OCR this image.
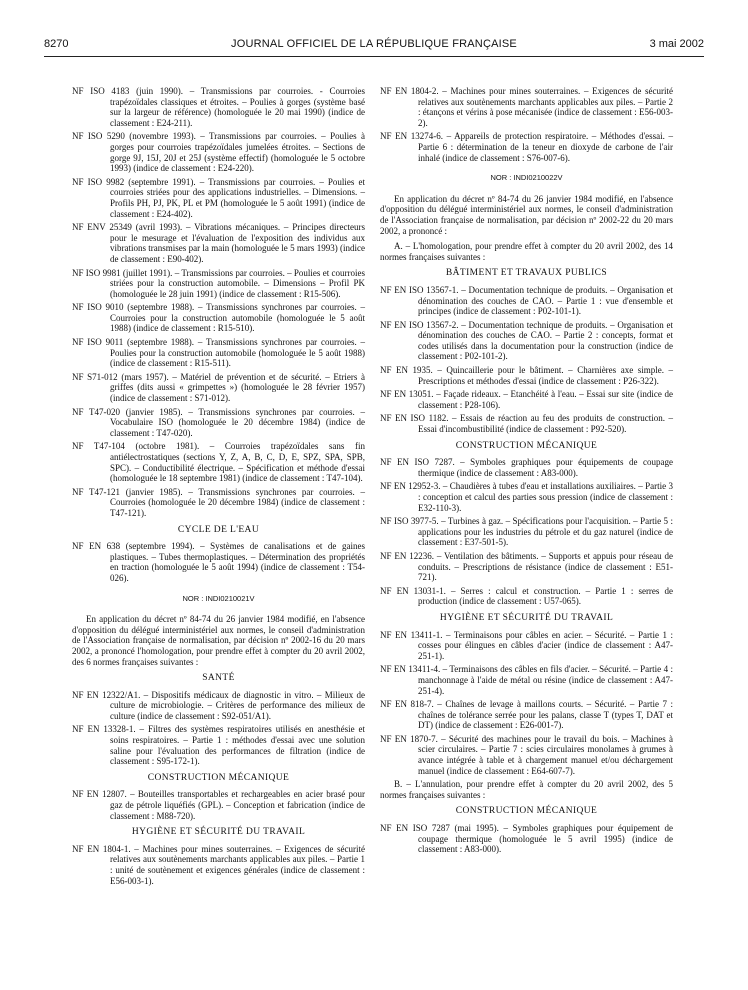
8270	JOURNAL OFFICIEL DE LA RÉPUBLIQUE FRANÇAISE	3 mai 2002
NF ISO 4183 (juin 1990). – Transmissions par courroies. - Courroies trapézoïdales classiques et étroites. – Poulies à gorges (système basé sur la largeur de référence) (homologuée le 20 mai 1990) (indice de classement : E24-211).
NF ISO 5290 (novembre 1993). – Transmissions par courroies. – Poulies à gorges pour courroies trapézoïdales jumelées étroites. – Sections de gorge 9J, 15J, 20J et 25J (système effectif) (homologuée le 5 octobre 1993) (indice de classement : E24-220).
NF ISO 9982 (septembre 1991). – Transmissions par courroies. – Poulies et courroies striées pour des applications industrielles. – Dimensions. – Profils PH, PJ, PK, PL et PM (homologuée le 5 août 1991) (indice de classement : E24-402).
NF ENV 25349 (avril 1993). – Vibrations mécaniques. – Principes directeurs pour le mesurage et l'évaluation de l'exposition des individus aux vibrations transmises par la main (homologuée le 5 mars 1993) (indice de classement : E90-402).
NF ISO 9981 (juillet 1991). – Transmissions par courroies. – Poulies et courroies striées pour la construction automobile. – Dimensions – Profil PK (homologuée le 28 juin 1991) (indice de classement : R15-506).
NF ISO 9010 (septembre 1988). – Transmissions synchrones par courroies. – Courroies pour la construction automobile (homologuée le 5 août 1988) (indice de classement : R15-510).
NF ISO 9011 (septembre 1988). – Transmissions synchrones par courroies. – Poulies pour la construction automobile (homologuée le 5 août 1988) (indice de classement : R15-511).
NF S71-012 (mars 1957). – Matériel de prévention et de sécurité. – Etriers à griffes (dits aussi « grimpettes ») (homologuée le 28 février 1957) (indice de classement : S71-012).
NF T47-020 (janvier 1985). – Transmissions synchrones par courroies. – Vocabulaire ISO (homologuée le 20 décembre 1984) (indice de classement : T47-020).
NF T47-104 (octobre 1981). – Courroies trapézoïdales sans fin antiélectrostatiques (sections Y, Z, A, B, C, D, E, SPZ, SPA, SPB, SPC). – Conductibilité électrique. – Spécification et méthode d'essai (homologuée le 18 septembre 1981) (indice de classement : T47-104).
NF T47-121 (janvier 1985). – Transmissions synchrones par courroies. – Courroies (homologuée le 20 décembre 1984) (indice de classement : T47-121).
CYCLE DE L'EAU
NF EN 638 (septembre 1994). – Systèmes de canalisations et de gaines plastiques. – Tubes thermoplastiques. – Détermination des propriétés en traction (homologuée le 5 août 1994) (indice de classement : T54-026).
NOR : INDI0210021V
En application du décret nº 84-74 du 26 janvier 1984 modifié, en l'absence d'opposition du délégué interministériel aux normes, le conseil d'administration de l'Association française de normalisation, par décision nº 2002-16 du 20 mars 2002, a prononcé l'homologation, pour prendre effet à compter du 20 avril 2002, des 6 normes françaises suivantes :
SANTÉ
NF EN 12322/A1. – Dispositifs médicaux de diagnostic in vitro. – Milieux de culture de microbiologie. – Critères de performance des milieux de culture (indice de classement : S92-051/A1).
NF EN 13328-1. – Filtres des systèmes respiratoires utilisés en anesthésie et soins respiratoires. – Partie 1 : méthodes d'essai avec une solution saline pour l'évaluation des performances de filtration (indice de classement : S95-172-1).
CONSTRUCTION MÉCANIQUE
NF EN 12807. – Bouteilles transportables et rechargeables en acier brasé pour gaz de pétrole liquéfiés (GPL). – Conception et fabrication (indice de classement : M88-720).
HYGIÈNE ET SÉCURITÉ DU TRAVAIL
NF EN 1804-1. – Machines pour mines souterraines. – Exigences de sécurité relatives aux soutènements marchants applicables aux piles. – Partie 1 : unité de soutènement et exigences générales (indice de classement : E56-003-1).
NF EN 1804-2. – Machines pour mines souterraines. – Exigences de sécurité relatives aux soutènements marchants applicables aux piles. – Partie 2 : étançons et vérins à pose mécanisée (indice de classement : E56-003-2).
NF EN 13274-6. – Appareils de protection respiratoire. – Méthodes d'essai. – Partie 6 : détermination de la teneur en dioxyde de carbone de l'air inhalé (indice de classement : S76-007-6).
NOR : INDI0210022V
En application du décret nº 84-74 du 26 janvier 1984 modifié, en l'absence d'opposition du délégué interministériel aux normes, le conseil d'administration de l'Association française de normalisation, par décision nº 2002-22 du 20 mars 2002, a prononcé :
A. – L'homologation, pour prendre effet à compter du 20 avril 2002, des 14 normes françaises suivantes :
BÂTIMENT ET TRAVAUX PUBLICS
NF EN ISO 13567-1. – Documentation technique de produits. – Organisation et dénomination des couches de CAO. – Partie 1 : vue d'ensemble et principes (indice de classement : P02-101-1).
NF EN ISO 13567-2. – Documentation technique de produits. – Organisation et dénomination des couches de CAO. – Partie 2 : concepts, format et codes utilisés dans la documentation pour la construction (indice de classement : P02-101-2).
NF EN 1935. – Quincaillerie pour le bâtiment. – Charnières axe simple. – Prescriptions et méthodes d'essai (indice de classement : P26-322).
NF EN 13051. – Façade rideaux. – Etanchéité à l'eau. – Essai sur site (indice de classement : P28-106).
NF EN ISO 1182. – Essais de réaction au feu des produits de construction. – Essai d'incombustibilité (indice de classement : P92-520).
CONSTRUCTION MÉCANIQUE
NF EN ISO 7287. – Symboles graphiques pour équipements de coupage thermique (indice de classement : A83-000).
NF EN 12952-3. – Chaudières à tubes d'eau et installations auxiliaires. – Partie 3 : conception et calcul des parties sous pression (indice de classement : E32-110-3).
NF ISO 3977-5. – Turbines à gaz. – Spécifications pour l'acquisition. – Partie 5 : applications pour les industries du pétrole et du gaz naturel (indice de classement : E37-501-5).
NF EN 12236. – Ventilation des bâtiments. – Supports et appuis pour réseau de conduits. – Prescriptions de résistance (indice de classement : E51-721).
NF EN 13031-1. – Serres : calcul et construction. – Partie 1 : serres de production (indice de classement : U57-065).
HYGIÈNE ET SÉCURITÉ DU TRAVAIL
NF EN 13411-1. – Terminaisons pour câbles en acier. – Sécurité. – Partie 1 : cosses pour élingues en câbles d'acier (indice de classement : A47-251-1).
NF EN 13411-4. – Terminaisons des câbles en fils d'acier. – Sécurité. – Partie 4 : manchonnage à l'aide de métal ou résine (indice de classement : A47-251-4).
NF EN 818-7. – Chaînes de levage à maillons courts. – Sécurité. – Partie 7 : chaînes de tolérance serrée pour les palans, classe T (types T, DAT et DT) (indice de classement : E26-001-7).
NF EN 1870-7. – Sécurité des machines pour le travail du bois. – Machines à scier circulaires. – Partie 7 : scies circulaires monolames à grumes à avance intégrée à table et à chargement manuel et/ou déchargement manuel (indice de classement : E64-607-7).
B. – L'annulation, pour prendre effet à compter du 20 avril 2002, des 5 normes françaises suivantes :
CONSTRUCTION MÉCANIQUE
NF EN ISO 7287 (mai 1995). – Symboles graphiques pour équipement de coupage thermique (homologuée le 5 avril 1995) (indice de classement : A83-000).
